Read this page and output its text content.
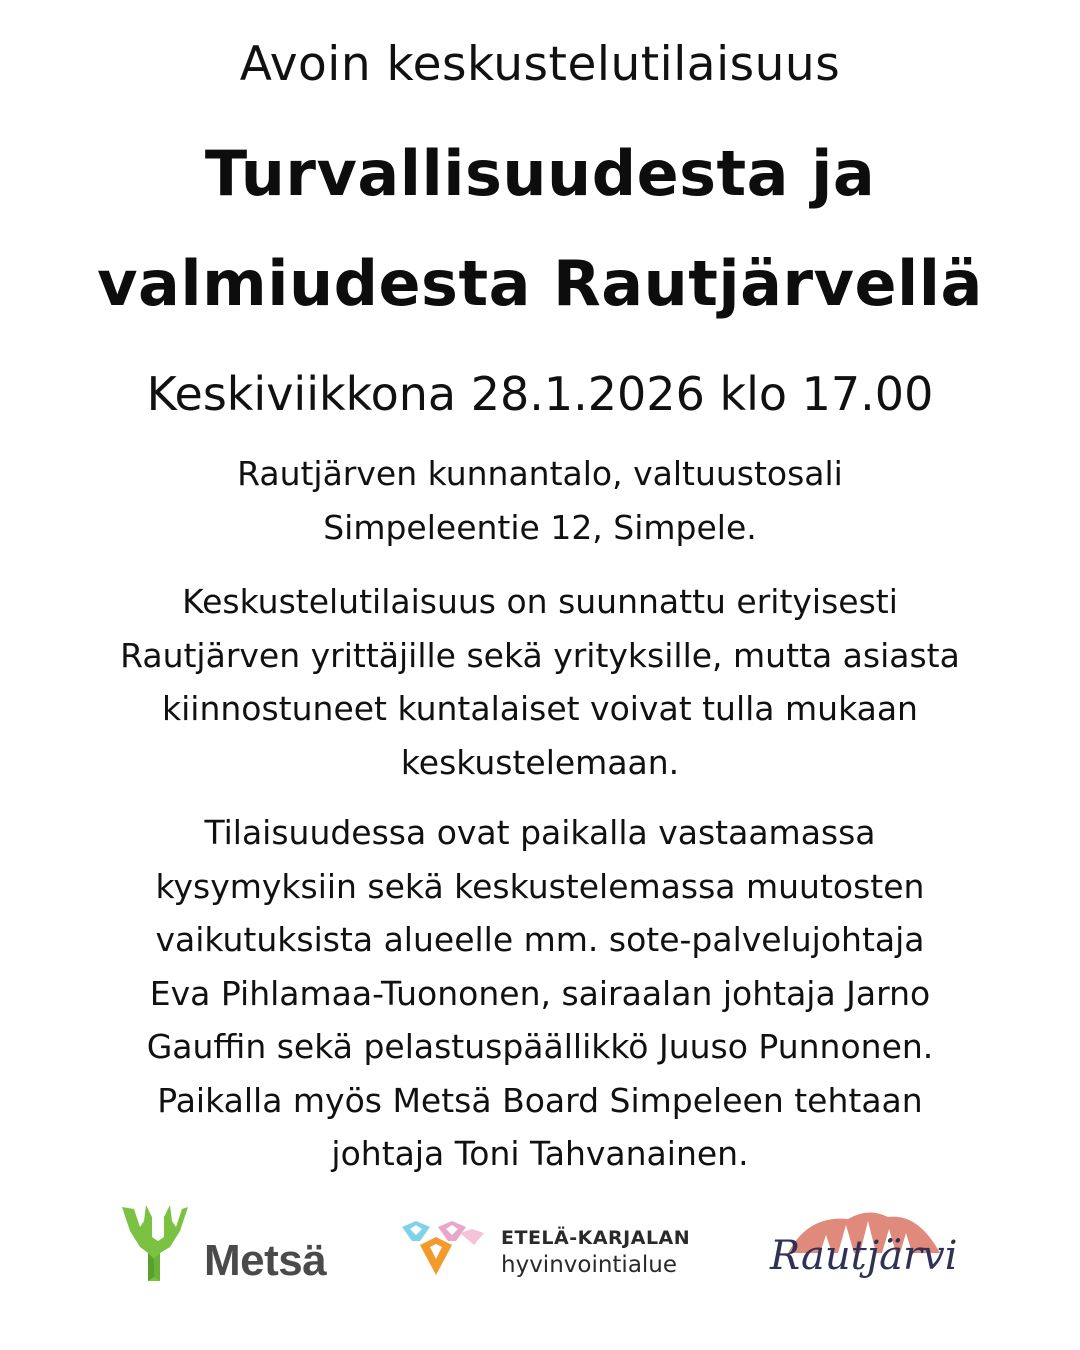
Avoin keskustelutilaisuus
Turvallisuudesta ja
valmiudesta Rautjärvellä
Keskiviikkona 28.1.2026 klo 17.00
Rautjärven kunnantalo, valtuustosali
Simpeleentie 12, Simpele.
Keskustelutilaisuus on suunnattu erityisesti
Rautjärven yrittäjille sekä yrityksille, mutta asiasta
kiinnostuneet kuntalaiset voivat tulla mukaan
keskustelemaan.
Tilaisuudessa ovat paikalla vastaamassa
kysymyksiin sekä keskustelemassa muutosten
vaikutuksista alueelle mm. sote-palvelujohtaja
Eva Pihlamaa-Tuononen, sairaalan johtaja Jarno
Gauffin sekä pelastuspäällikkö Juuso Punnonen.
Paikalla myös Metsä Board Simpeleen tehtaan
johtaja Toni Tahvanainen.
Metsä	ETELÄ-KARJALAN
hyvinvointialue Rautjärvi
